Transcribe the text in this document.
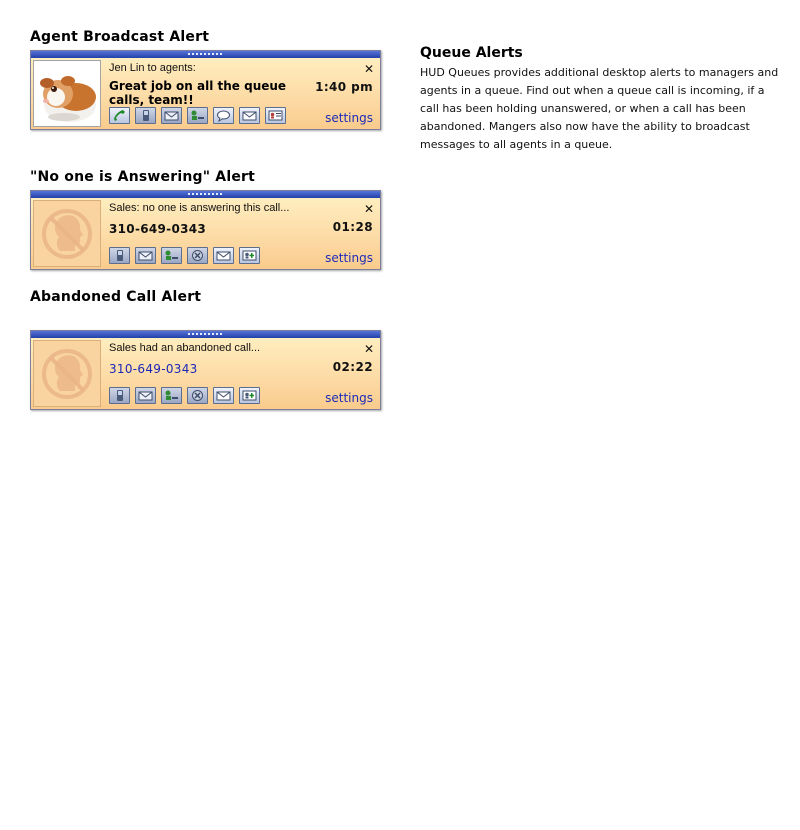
Agent Broadcast Alert
Jen Lin to agents:
Great job on all the queue calls, team!!
✕
1:40 pm
settings
"No one is Answering" Alert
Sales: no one is answering this call...
310-649-0343
✕
01:28
settings
Abandoned Call Alert
Sales had an abandoned call...
310-649-0343
✕
02:22
settings
Queue Alerts
HUD Queues provides additional desktop alerts to managers and agents in a queue. Find out when a queue call is incoming, if a call has been holding unanswered, or when a call has been abandoned. Mangers also now have the ability to broadcast messages to all agents in a queue.
